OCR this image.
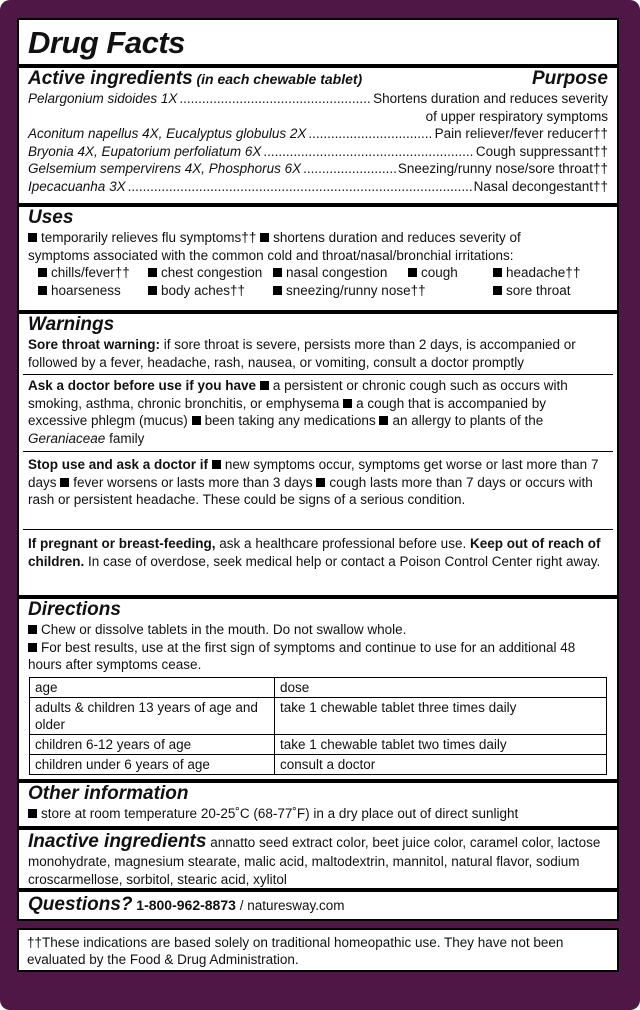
Drug Facts
Active ingredients (in each chewable tablet)	Purpose
Pelargonium sidoides 1X .....	Shortens duration and reduces severity
of upper respiratory symptoms
Aconitum napellus 4X, Eucalyptus globulus 2X .....	Pain reliever/fever reducer††
Bryonia 4X, Eupatorium perfoliatum 6X .....	Cough suppressant††
Gelsemium sempervirens 4X, Phosphorus 6X .....	Sneezing/runny nose/sore throat††
Ipecacuanha 3X .....	Nasal decongestant††
Uses
temporarily relieves flu symptoms†† shortens duration and reduces severity of
symptoms associated with the common cold and throat/nasal/bronchial irritations:
chills/fever††	chest congestion	nasal congestion	cough	headache††
hoarseness	body aches††	sneezing/runny nose††	sore throat
Warnings
Sore throat warning: if sore throat is severe, persists more than 2 days, is accompanied or followed by a fever, headache, rash, nausea, or vomiting, consult a doctor promptly
Ask a doctor before use if you have a persistent or chronic cough such as occurs with smoking, asthma, chronic bronchitis, or emphysema a cough that is accompanied by excessive phlegm (mucus) been taking any medications an allergy to plants of the Geraniaceae family
Stop use and ask a doctor if new symptoms occur, symptoms get worse or last more than 7 days fever worsens or lasts more than 3 days cough lasts more than 7 days or occurs with rash or persistent headache. These could be signs of a serious condition.
If pregnant or breast-feeding, ask a healthcare professional before use. Keep out of reach of children. In case of overdose, seek medical help or contact a Poison Control Center right away.
Directions
Chew or dissolve tablets in the mouth. Do not swallow whole.
For best results, use at the first sign of symptoms and continue to use for an additional 48 hours after symptoms cease.
age	dose
adults & children 13 years of age and older	take 1 chewable tablet three times daily
children 6-12 years of age	take 1 chewable tablet two times daily
children under 6 years of age	consult a doctor
Other information
store at room temperature 20-25˚C (68-77˚F) in a dry place out of direct sunlight
Inactive ingredients annatto seed extract color, beet juice color, caramel color, lactose monohydrate, magnesium stearate, malic acid, maltodextrin, mannitol, natural flavor, sodium croscarmellose, sorbitol, stearic acid, xylitol
Questions? 1-800-962-8873 / naturesway.com
††These indications are based solely on traditional homeopathic use. They have not been evaluated by the Food & Drug Administration.
